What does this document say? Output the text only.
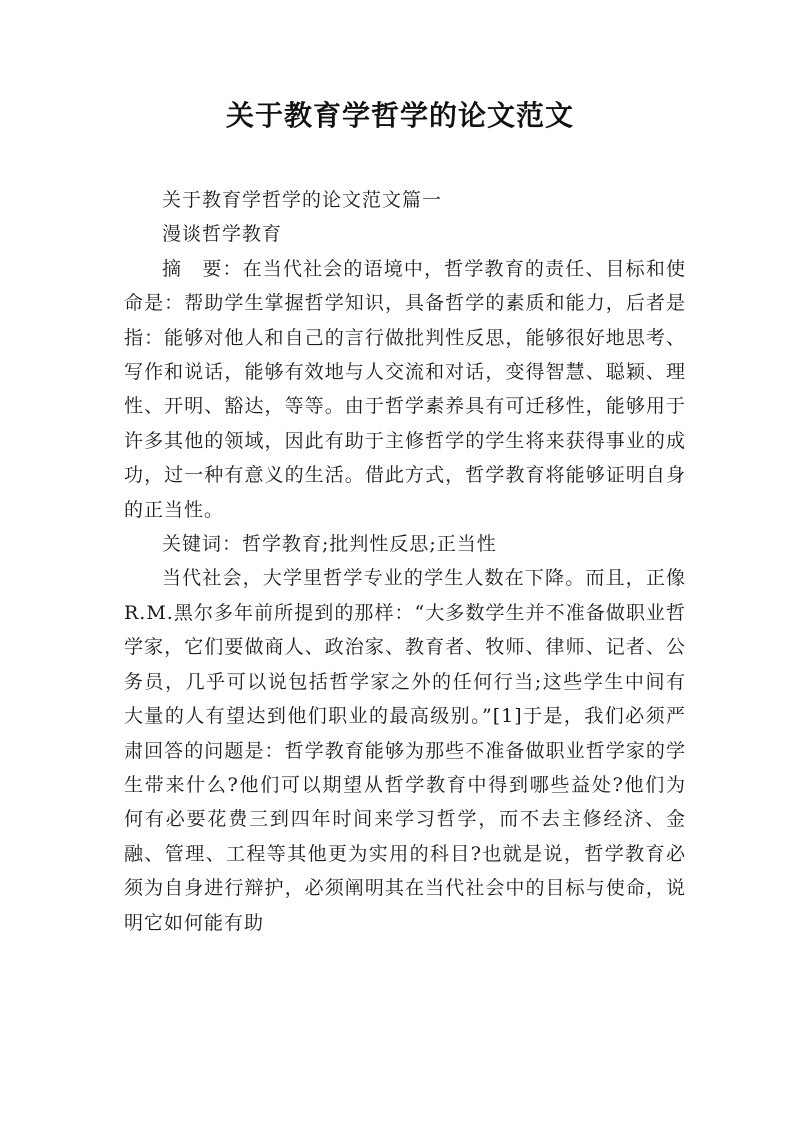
关于教育学哲学的论文范文

关于教育学哲学的论文范文篇一

漫谈哲学教育

摘　要：在当代社会的语境中，哲学教育的责任、目标和使命是：帮助学生掌握哲学知识，具备哲学的素质和能力，后者是指：能够对他人和自己的言行做批判性反思，能够很好地思考、写作和说话，能够有效地与人交流和对话，变得智慧、聪颖、理性、开明、豁达，等等。由于哲学素养具有可迁移性，能够用于许多其他的领域，因此有助于主修哲学的学生将来获得事业的成功，过一种有意义的生活。借此方式，哲学教育将能够证明自身的正当性。

关键词：哲学教育;批判性反思;正当性

当代社会，大学里哲学专业的学生人数在下降。而且，正像R.M.黑尔多年前所提到的那样：“大多数学生并不准备做职业哲学家，它们要做商人、政治家、教育者、牧师、律师、记者、公务员，几乎可以说包括哲学家之外的任何行当;这些学生中间有大量的人有望达到他们职业的最高级别。”[1]于是，我们必须严肃回答的问题是：哲学教育能够为那些不准备做职业哲学家的学生带来什么?他们可以期望从哲学教育中得到哪些益处?他们为何有必要花费三到四年时间来学习哲学，而不去主修经济、金融、管理、工程等其他更为实用的科目?也就是说，哲学教育必须为自身进行辩护，必须阐明其在当代社会中的目标与使命，说明它如何能有助
